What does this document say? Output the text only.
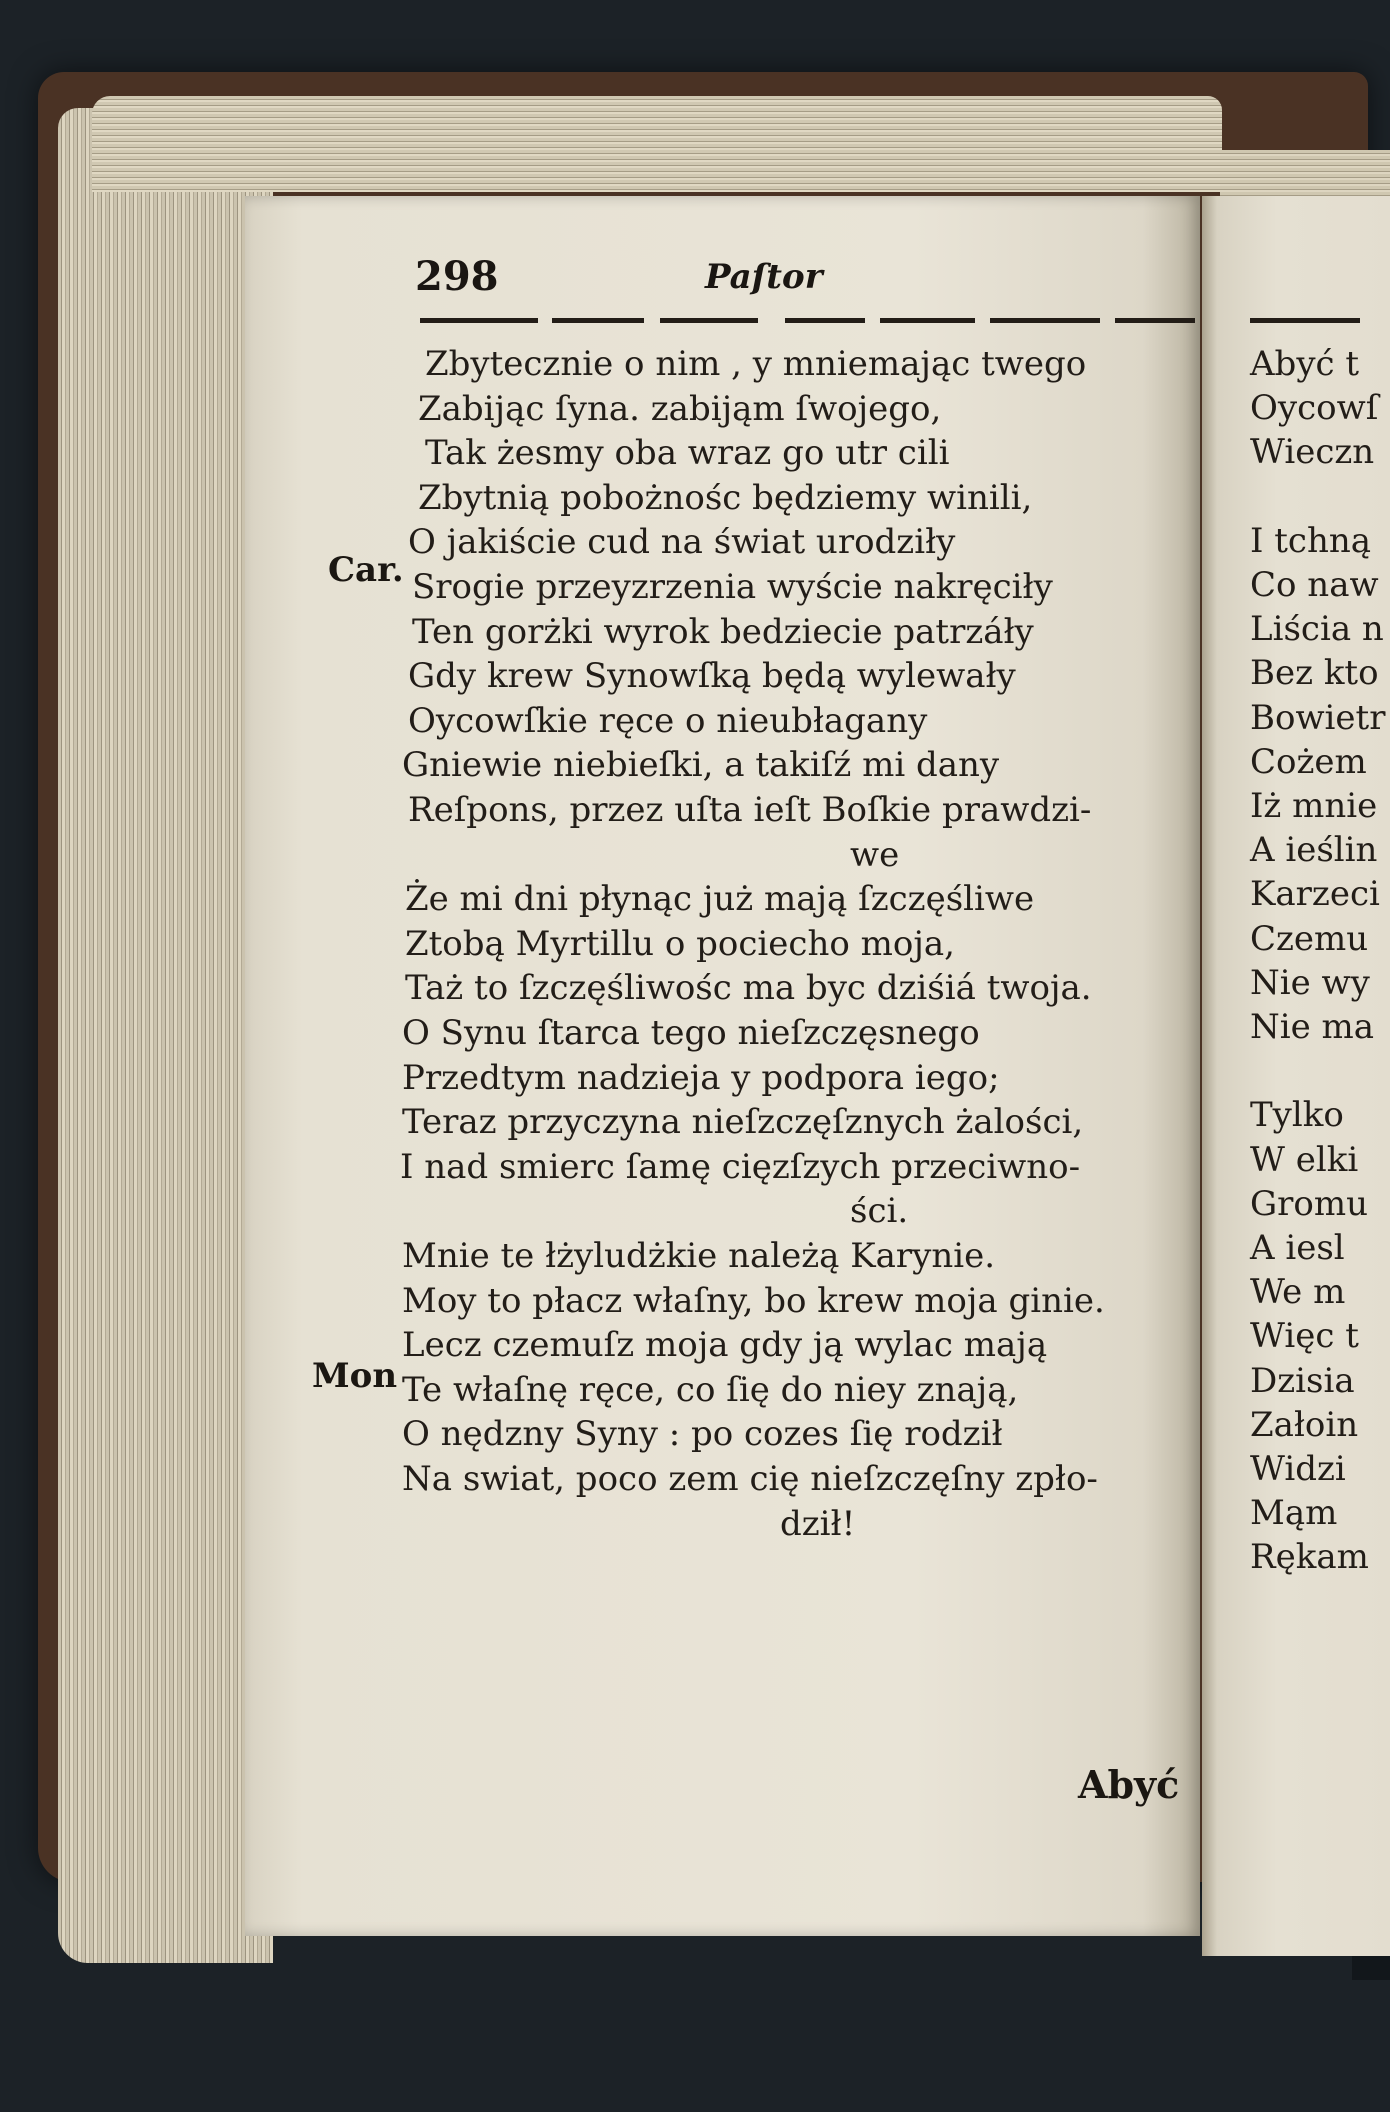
298	Paſtor
Car.
Mon
Zbytecznie o nim , y mniemając twego
Zabijąc ſyna. zabijąm ſwojego,
Tak żesmy oba wraz go utr cili
Zbytnią pobożnośc będziemy winili,
O jakiście cud na świat urodziły
Srogie przeyzrzenia wyście nakręciły
Ten gorżki wyrok bedziecie patrzáły
Gdy krew Synowſką będą wylewały
Oycowſkie ręce o nieubłagany
Gniewie niebieſki, a takiſź mi dany
Reſpons, przez uſta ieſt Boſkie prawdzi-
we
Że mi dni płynąc już mają ſzczęśliwe
Ztobą Myrtillu o pociecho moja,
Taż to ſzczęśliwośc ma byc dziśiá twoja.
O Synu ſtarca tego nieſzczęsnego
Przedtym nadzieja y podpora iego;
Teraz przyczyna nieſzczęſznych żalości,
I nad smierc ſamę cięzſzych przeciwno-
ści.
Mnie te łżyludżkie należą Karynie.
Moy to płacz właſny, bo krew moja ginie.
Lecz czemuſz moja gdy ją wylac mają
Te właſnę ręce, co ſię do niey znają,
O nędzny Syny : po cozes ſię rodził
Na swiat, poco zem cię nieſzczęſny zpło-
dził!
Abyć t
Oycowſ
Wieczn
I tchną
Co naw
Liścia n
Bez kto
Bowietr
Cożem
Iż mnie
A ieślin
Karzeci
Czemu
Nie wy
Nie ma
Tylko
W elki
Gromu
A iesl
We m
Więc t
Dzisia
Załoin
Widzi
Mąm
Rękam
Abyć
